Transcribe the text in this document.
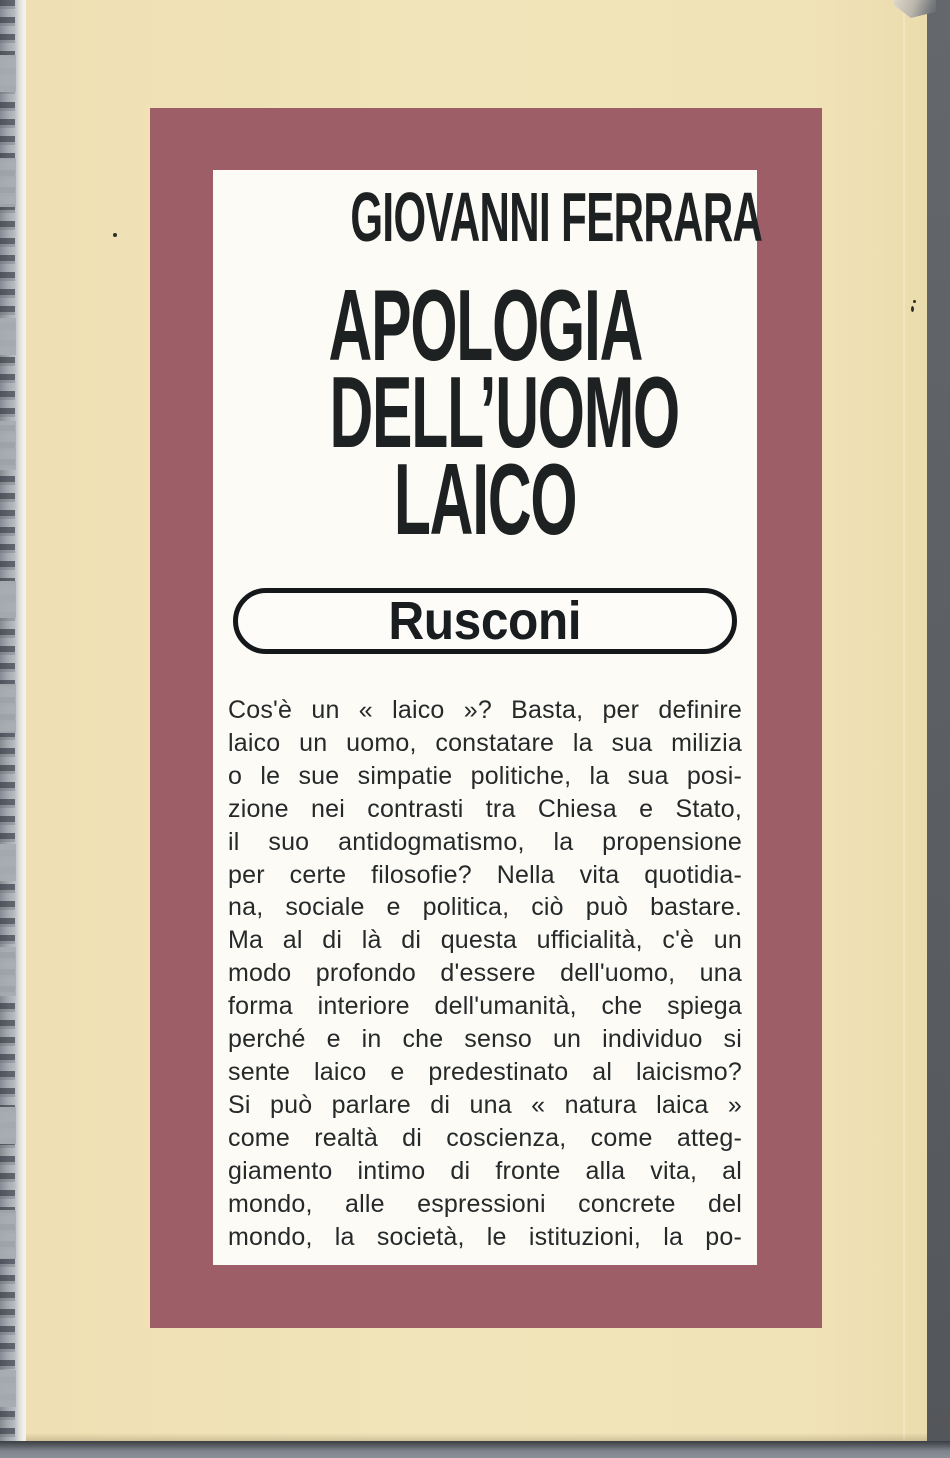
GIOVANNI FERRARA
APOLOGIA
DELL’UOMO
LAICO
Rusconi
Cos'è un « laico »? Basta, per definire
laico un uomo, constatare la sua milizia
o le sue simpatie politiche, la sua posi-
zione nei contrasti tra Chiesa e Stato,
il suo antidogmatismo, la propensione
per certe filosofie? Nella vita quotidia-
na, sociale e politica, ciò può bastare.
Ma al di là di questa ufficialità, c'è un
modo profondo d'essere dell'uomo, una
forma interiore dell'umanità, che spiega
perché e in che senso un individuo si
sente laico e predestinato al laicismo?
Si può parlare di una « natura laica »
come realtà di coscienza, come atteg-
giamento intimo di fronte alla vita, al
mondo, alle espressioni concrete del
mondo, la società, le istituzioni, la po-
